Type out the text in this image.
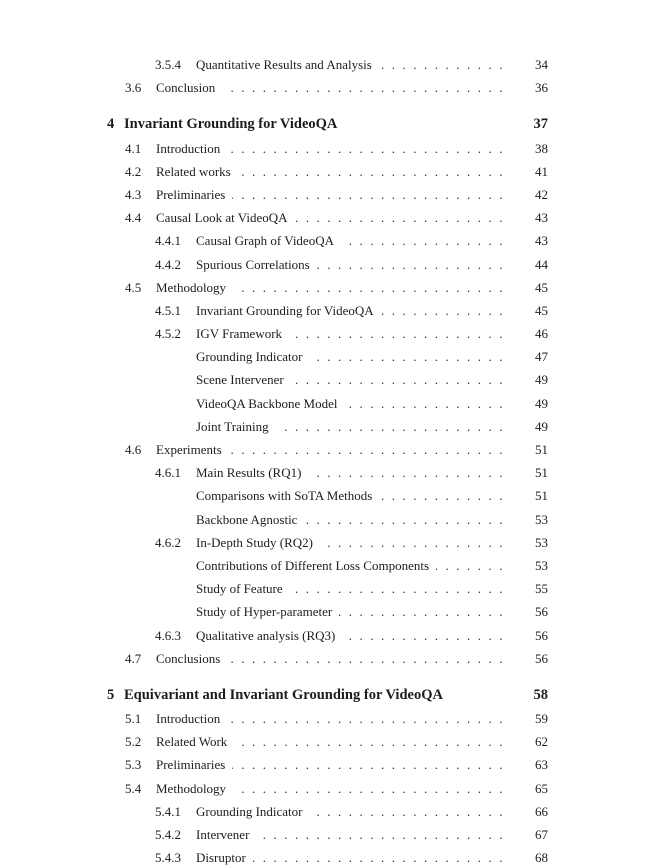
3.5.4	Quantitative Results and Analysis .....	34
3.6	Conclusion .....	36
4 Invariant Grounding for VideoQA	37
4.1	Introduction .....	38
4.2	Related works .....	41
4.3	Preliminaries .....	42
4.4	Causal Look at VideoQA .....	43
4.4.1	Causal Graph of VideoQA .....	43
4.4.2	Spurious Correlations .....	44
4.5	Methodology .....	45
4.5.1	Invariant Grounding for VideoQA .....	45
4.5.2	IGV Framework .....	46
Grounding Indicator .....	47
Scene Intervener .....	49
VideoQA Backbone Model .....	49
Joint Training .....	49
4.6	Experiments .....	51
4.6.1	Main Results (RQ1) .....	51
Comparisons with SoTA Methods .....	51
Backbone Agnostic .....	53
4.6.2	In-Depth Study (RQ2) .....	53
Contributions of Different Loss Components .....	53
Study of Feature .....	55
Study of Hyper-parameter .....	56
4.6.3	Qualitative analysis (RQ3) .....	56
4.7	Conclusions .....	56
5 Equivariant and Invariant Grounding for VideoQA	58
5.1	Introduction .....	59
5.2	Related Work .....	62
5.3	Preliminaries .....	63
5.4	Methodology .....	65
5.4.1	Grounding Indicator .....	66
5.4.2	Intervener .....	67
5.4.3	Disruptor .....	68
